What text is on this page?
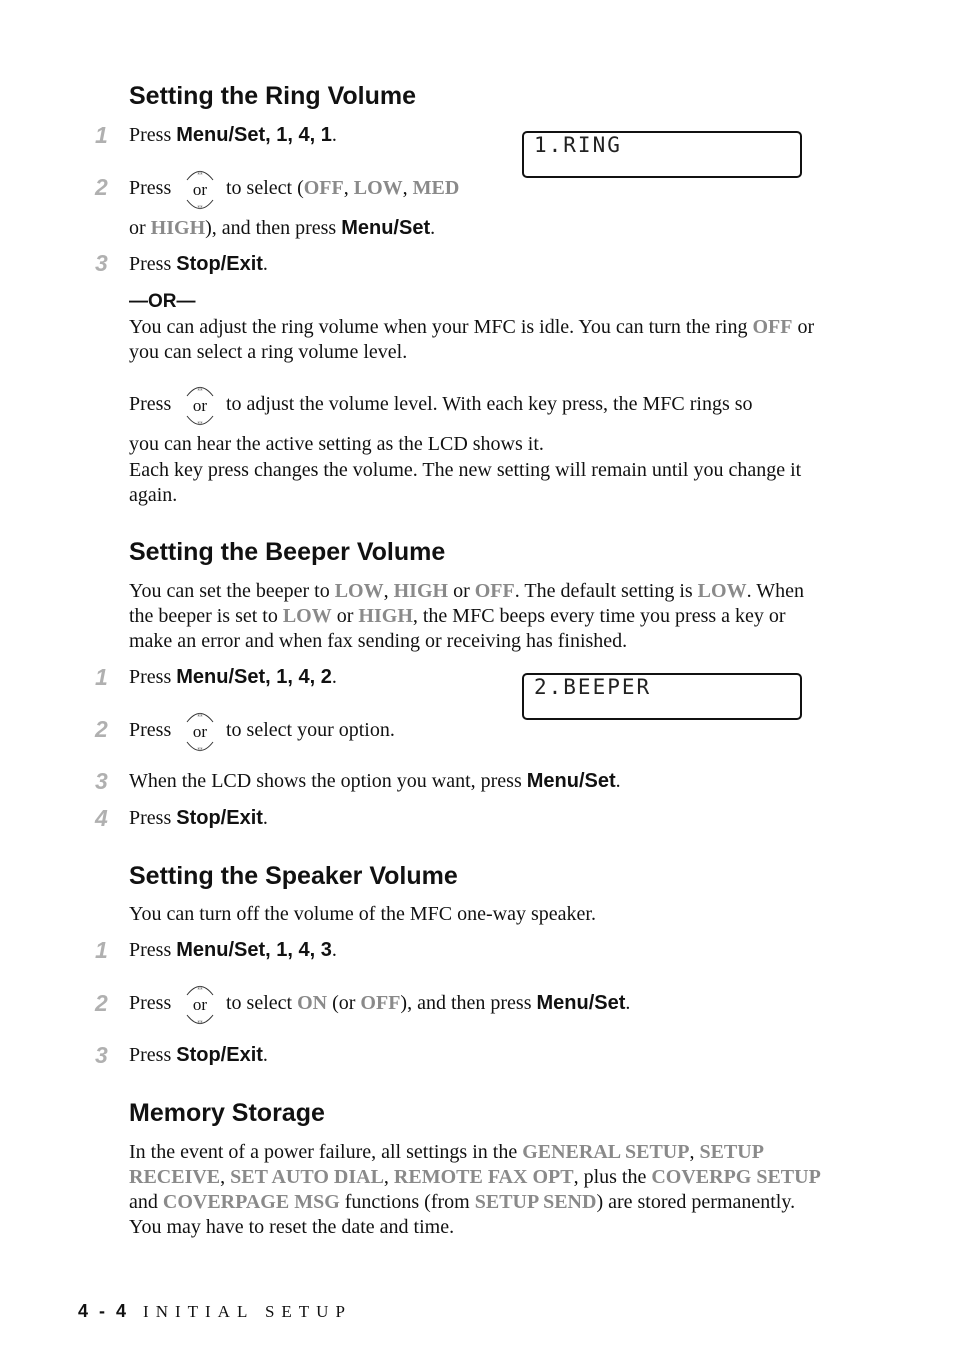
Setting the Ring Volume
1 Press Menu/Set, 1, 4, 1.	1.RING
2 Press or to select (OFF, LOW, MED
or HIGH), and then press Menu/Set.
3 Press Stop/Exit.
—OR—
You can adjust the ring volume when your MFC is idle. You can turn the ring OFF or you can select a ring volume level.
Press or to adjust the volume level. With each key press, the MFC rings so
you can hear the active setting as the LCD shows it.
Each key press changes the volume. The new setting will remain until you change it again.
Setting the Beeper Volume
You can set the beeper to LOW, HIGH or OFF. The default setting is LOW. When the beeper is set to LOW or HIGH, the MFC beeps every time you press a key or make an error and when fax sending or receiving has finished.
1 Press Menu/Set, 1, 4, 2.	2.BEEPER
2 Press or to select your option.
3 When the LCD shows the option you want, press Menu/Set.
4 Press Stop/Exit.
Setting the Speaker Volume
You can turn off the volume of the MFC one-way speaker.
1 Press Menu/Set, 1, 4, 3.
2 Press or to select ON (or OFF), and then press Menu/Set.
3 Press Stop/Exit.
Memory Storage
In the event of a power failure, all settings in the GENERAL SETUP, SETUP RECEIVE, SET AUTO DIAL, REMOTE FAX OPT, plus the COVERPG SETUP and COVERPAGE MSG functions (from SETUP SEND) are stored permanently. You may have to reset the date and time.
4 - 4 INITIAL SETUP
